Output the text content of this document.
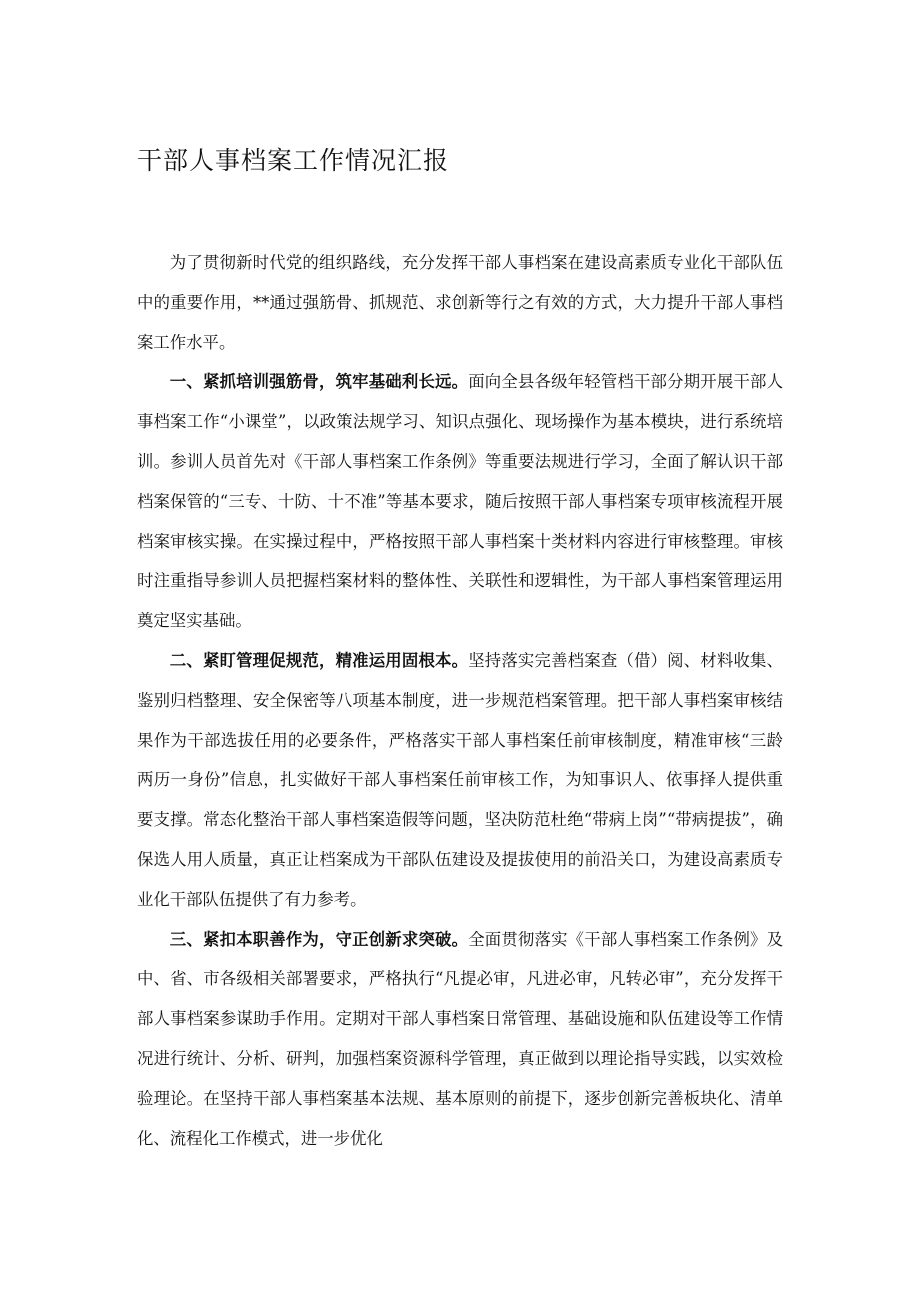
干部人事档案工作情况汇报

为了贯彻新时代党的组织路线，充分发挥干部人事档案在建设高素质专业化干部队伍中的重要作用，**通过强筋骨、抓规范、求创新等行之有效的方式，大力提升干部人事档案工作水平。

一、紧抓培训强筋骨，筑牢基础利长远。面向全县各级年轻管档干部分期开展干部人事档案工作“小课堂”，以政策法规学习、知识点强化、现场操作为基本模块，进行系统培训。参训人员首先对《干部人事档案工作条例》等重要法规进行学习，全面了解认识干部档案保管的“三专、十防、十不准”等基本要求，随后按照干部人事档案专项审核流程开展档案审核实操。在实操过程中，严格按照干部人事档案十类材料内容进行审核整理。审核时注重指导参训人员把握档案材料的整体性、关联性和逻辑性，为干部人事档案管理运用奠定坚实基础。

二、紧盯管理促规范，精准运用固根本。坚持落实完善档案查（借）阅、材料收集、鉴别归档整理、安全保密等八项基本制度，进一步规范档案管理。把干部人事档案审核结果作为干部选拔任用的必要条件，严格落实干部人事档案任前审核制度，精准审核“三龄两历一身份”信息，扎实做好干部人事档案任前审核工作，为知事识人、依事择人提供重要支撑。常态化整治干部人事档案造假等问题，坚决防范杜绝“带病上岗”“带病提拔”，确保选人用人质量，真正让档案成为干部队伍建设及提拔使用的前沿关口，为建设高素质专业化干部队伍提供了有力参考。

三、紧扣本职善作为，守正创新求突破。全面贯彻落实《干部人事档案工作条例》及中、省、市各级相关部署要求，严格执行“凡提必审，凡进必审，凡转必审”，充分发挥干部人事档案参谋助手作用。定期对干部人事档案日常管理、基础设施和队伍建设等工作情况进行统计、分析、研判，加强档案资源科学管理，真正做到以理论指导实践，以实效检验理论。在坚持干部人事档案基本法规、基本原则的前提下，逐步创新完善板块化、清单化、流程化工作模式，进一步优化
